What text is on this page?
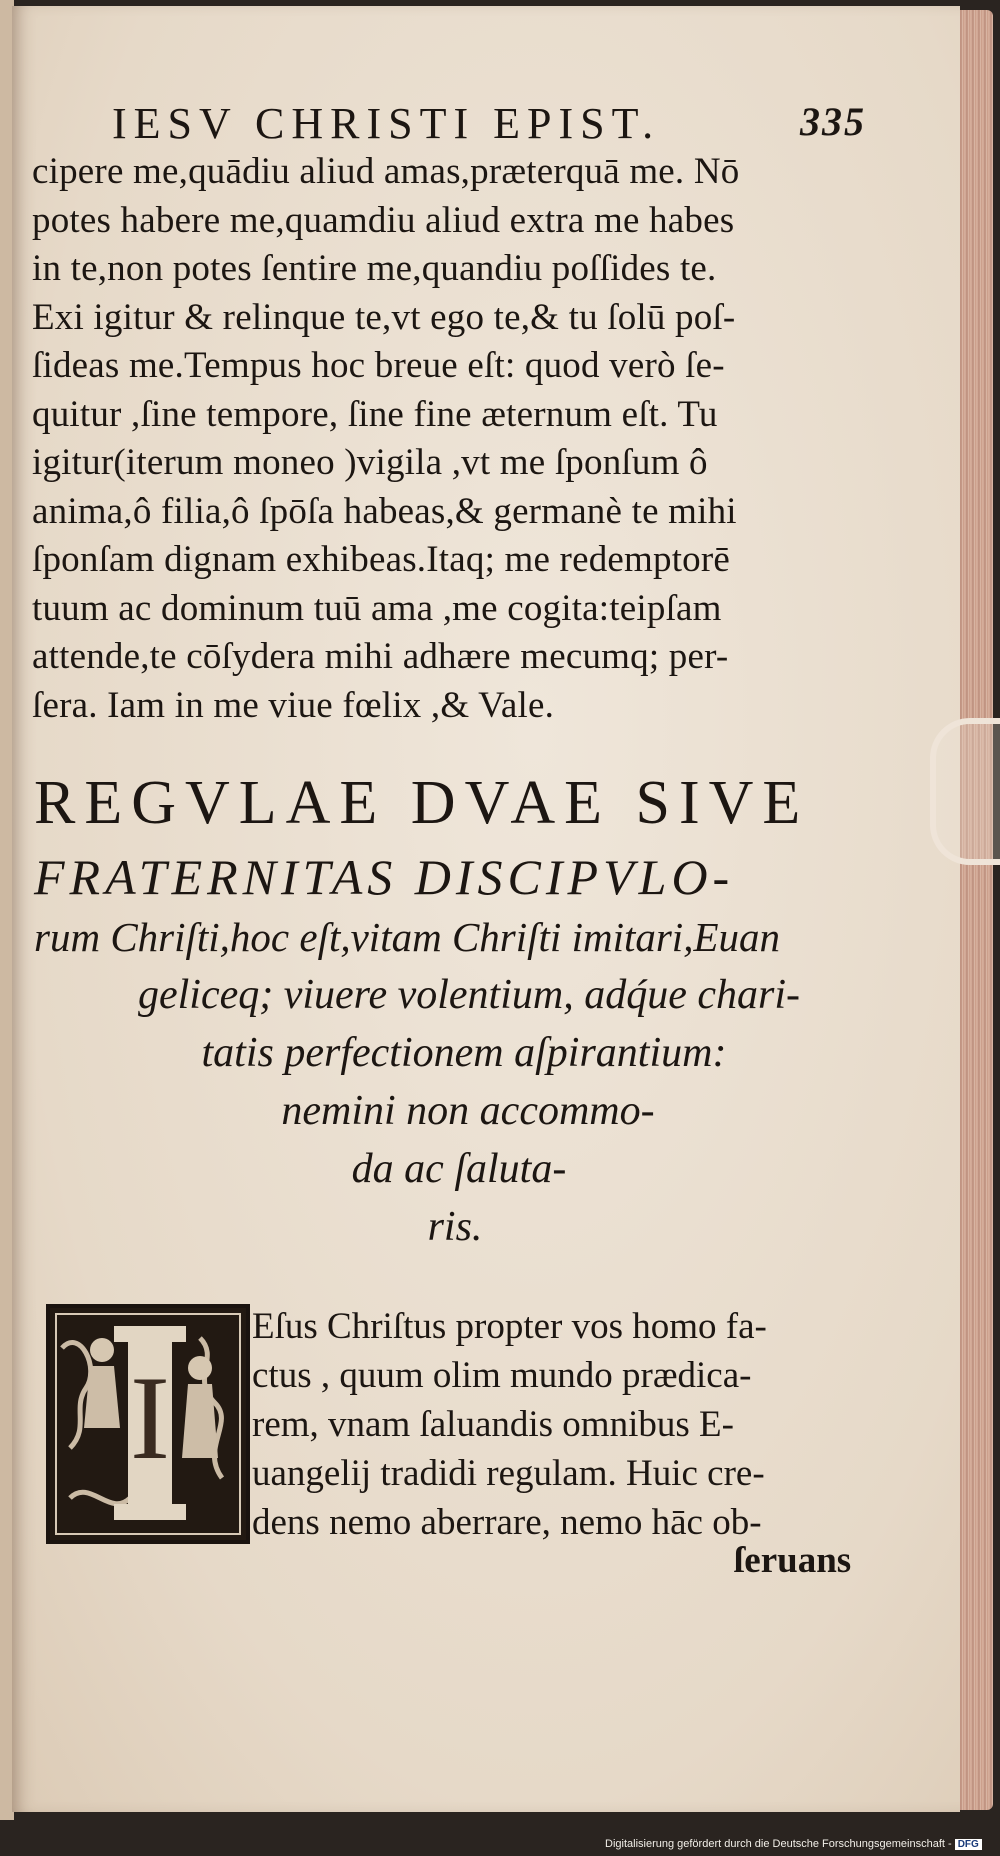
IESV CHRISTI EPIST.	335
cipere me,quādiu aliud amas,præterquā me. Nō
potes habere me,quamdiu aliud extra me habes
in te,non potes ſentire me,quandiu poſſides te.
Exi igitur & relinque te,vt ego te,& tu ſolū poſ-
ſideas me.Tempus hoc breue eſt: quod verò ſe-
quitur ,ſine tempore, ſine fine æternum eſt. Tu
igitur(iterum moneo )vigila ,vt me ſponſum ô
anima,ô filia,ô ſpōſa habeas,& germanè te mihi
ſponſam dignam exhibeas.Itaq; me redemptorē
tuum ac dominum tuū ama ,me cogita:teipſam
attende,te cōſydera mihi adhære mecumq; per-
ſera. Iam in me viue fœlix ,& Vale.
REGVLAE DVAE SIVE
FRATERNITAS DISCIPVLO-
rum Chriſti,hoc eſt,vitam Chriſti imitari,Euan
geliceq; viuere volentium, adq́ue chari-
tatis perfectionem aſpirantium:
nemini non accommo-
da ac ſaluta-
ris.
I
Eſus Chriſtus propter vos homo fa-
ctus , quum olim mundo prædica-
rem, vnam ſaluandis omnibus E-
uangelij tradidi regulam. Huic cre-
dens nemo aberrare, nemo hāc ob-
ſeruans
Digitalisierung gefördert durch die Deutsche Forschungsgemeinschaft - DFG
